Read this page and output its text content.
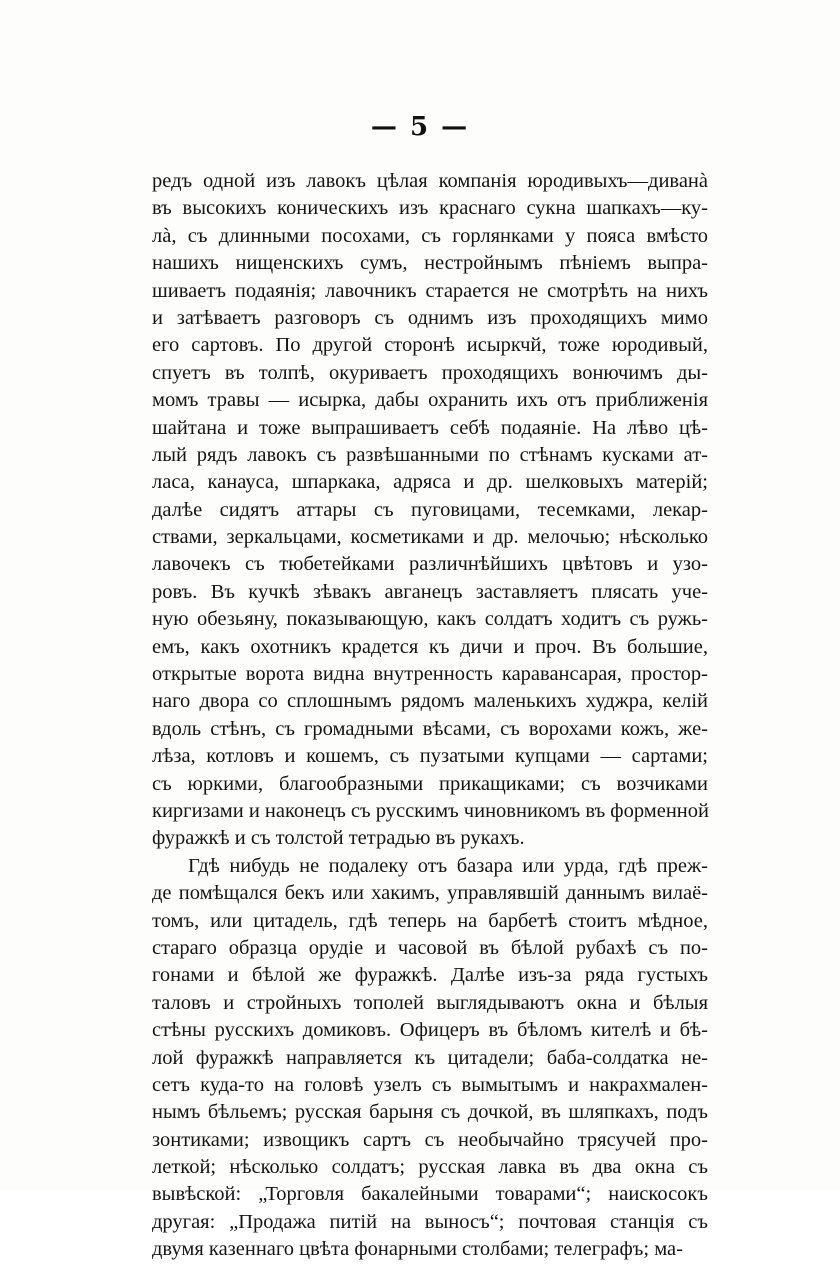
— 5 —
редъ одной изъ лавокъ цѣлая компанія юродивыхъ—диванà
въ высокихъ коническихъ изъ краснаго сукна шапкахъ—ку-
лà, съ длинными посохами, съ горлянками у пояса вмѣсто
нашихъ нищенскихъ сумъ, нестройнымъ пѣніемъ выпра-
шиваетъ подаянія; лавочникъ старается не смотрѣть на нихъ
и затѣваетъ разговоръ съ однимъ изъ проходящихъ мимо
его сартовъ. По другой сторонѣ исыркчй, тоже юродивый,
спуетъ въ толпѣ, окуриваетъ проходящихъ вонючимъ ды-
момъ травы — исырка, дабы охранить ихъ отъ приближенія
шайтана и тоже выпрашиваетъ себѣ подаяніе. На лѣво цѣ-
лый рядъ лавокъ съ развѣшанными по стѣнамъ кусками ат-
ласа, канауса, шпаркака, адряса и др. шелковыхъ матерій;
далѣе сидятъ аттары съ пуговицами, тесемками, лекар-
ствами, зеркальцами, косметиками и др. мелочью; нѣсколько
лавочекъ съ тюбетейками различнѣйшихъ цвѣтовъ и узо-
ровъ. Въ кучкѣ зѣвакъ авганецъ заставляетъ плясать уче-
ную обезьяну, показывающую, какъ солдатъ ходитъ съ ружь-
емъ, какъ охотникъ крадется къ дичи и проч. Въ большие,
открытые ворота видна внутренность каравансарая, простор-
наго двора со сплошнымъ рядомъ маленькихъ худжра, келій
вдоль стѣнъ, съ громадными вѣсами, съ ворохами кожъ, же-
лѣза, котловъ и кошемъ, съ пузатыми купцами — сартами;
съ юркими, благообразными прикащиками; съ возчиками
киргизами и наконецъ съ русскимъ чиновникомъ въ форменной
фуражкѣ и съ толстой тетрадью въ рукахъ.
Гдѣ нибудь не подалеку отъ базара или урда, гдѣ преж-
де помѣщался бекъ или хакимъ, управлявшій даннымъ вилаё-
томъ, или цитадель, гдѣ теперь на барбетѣ стоитъ мѣдное,
стараго образца орудіе и часовой въ бѣлой рубахѣ съ по-
гонами и бѣлой же фуражкѣ. Далѣе изъ-за ряда густыхъ
таловъ и стройныхъ тополей выглядываютъ окна и бѣлыя
стѣны русскихъ домиковъ. Офицеръ въ бѣломъ кителѣ и бѣ-
лой фуражкѣ направляется къ цитадели; баба-солдатка не-
сетъ куда-то на головѣ узелъ съ вымытымъ и накрахмален-
нымъ бѣльемъ; русская барыня съ дочкой, въ шляпкахъ, подъ
зонтиками; извощикъ сартъ съ необычайно трясучей про-
леткой; нѣсколько солдатъ; русская лавка въ два окна съ
вывѣской: „Торговля бакалейными товарами“; наискосокъ
другая: „Продажа питій на выносъ“; почтовая станція съ
двумя казеннаго цвѣта фонарными столбами; телеграфъ; ма-
